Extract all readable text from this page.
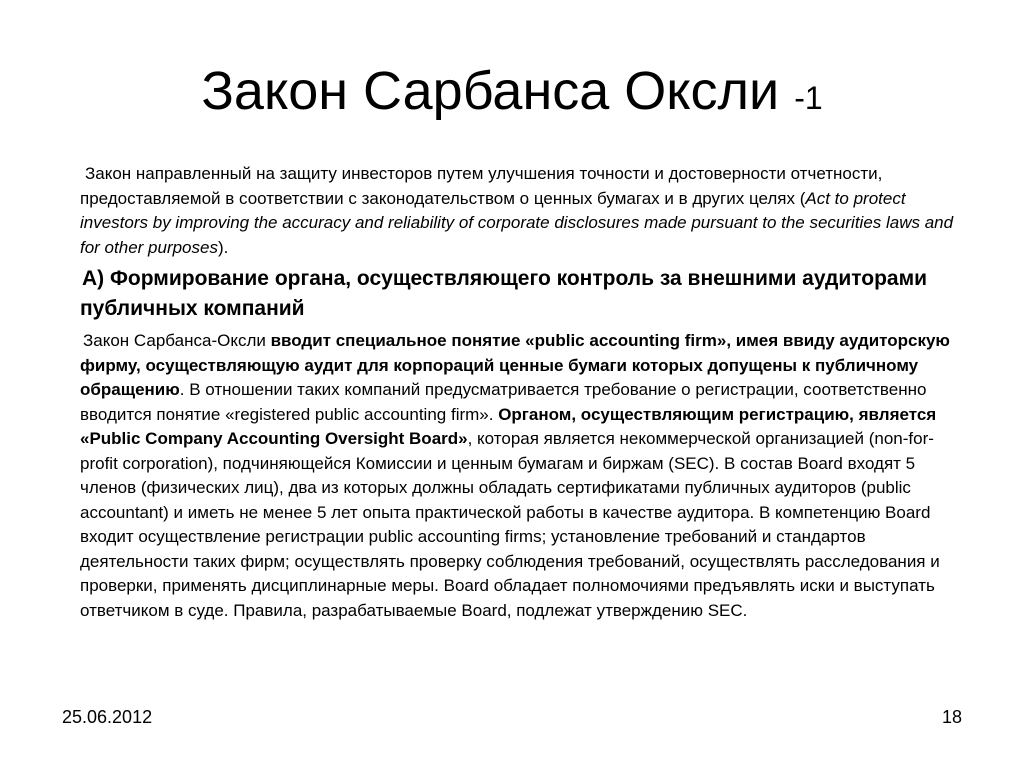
Закон Сарбанса Оксли -1

Закон направленный на защиту инвесторов путем улучшения точности и достоверности отчетности, предоставляемой в соответствии с законодательством о ценных бумагах и в других целях (Act to protect investors by improving the accuracy and reliability of corporate disclosures made pursuant to the securities laws and for other purposes).

А) Формирование органа, осуществляющего контроль за внешними аудиторами публичных компаний

Закон Сарбанса-Оксли вводит специальное понятие «public accounting firm», имея ввиду аудиторскую фирму, осуществляющую аудит для корпораций ценные бумаги которых допущены к публичному обращению. В отношении таких компаний предусматривается требование о регистрации, соответственно вводится понятие «registered public accounting firm». Органом, осуществляющим регистрацию, является «Public Company Accounting Oversight Board», которая является некоммерческой организацией (non-for-profit corporation), подчиняющейся Комиссии и ценным бумагам и биржам (SEC). В состав Board входят 5 членов (физических лиц), два из которых должны обладать сертификатами публичных аудиторов (public accountant) и иметь не менее 5 лет опыта практической работы в качестве аудитора. В компетенцию Board входит осуществление регистрации public accounting firms; установление требований и стандартов деятельности таких фирм; осуществлять проверку соблюдения требований, осуществлять расследования и проверки, применять дисциплинарные меры. Board обладает полномочиями предъявлять иски и выступать ответчиком в суде. Правила, разрабатываемые Board, подлежат утверждению SEC.

25.06.2012	18
